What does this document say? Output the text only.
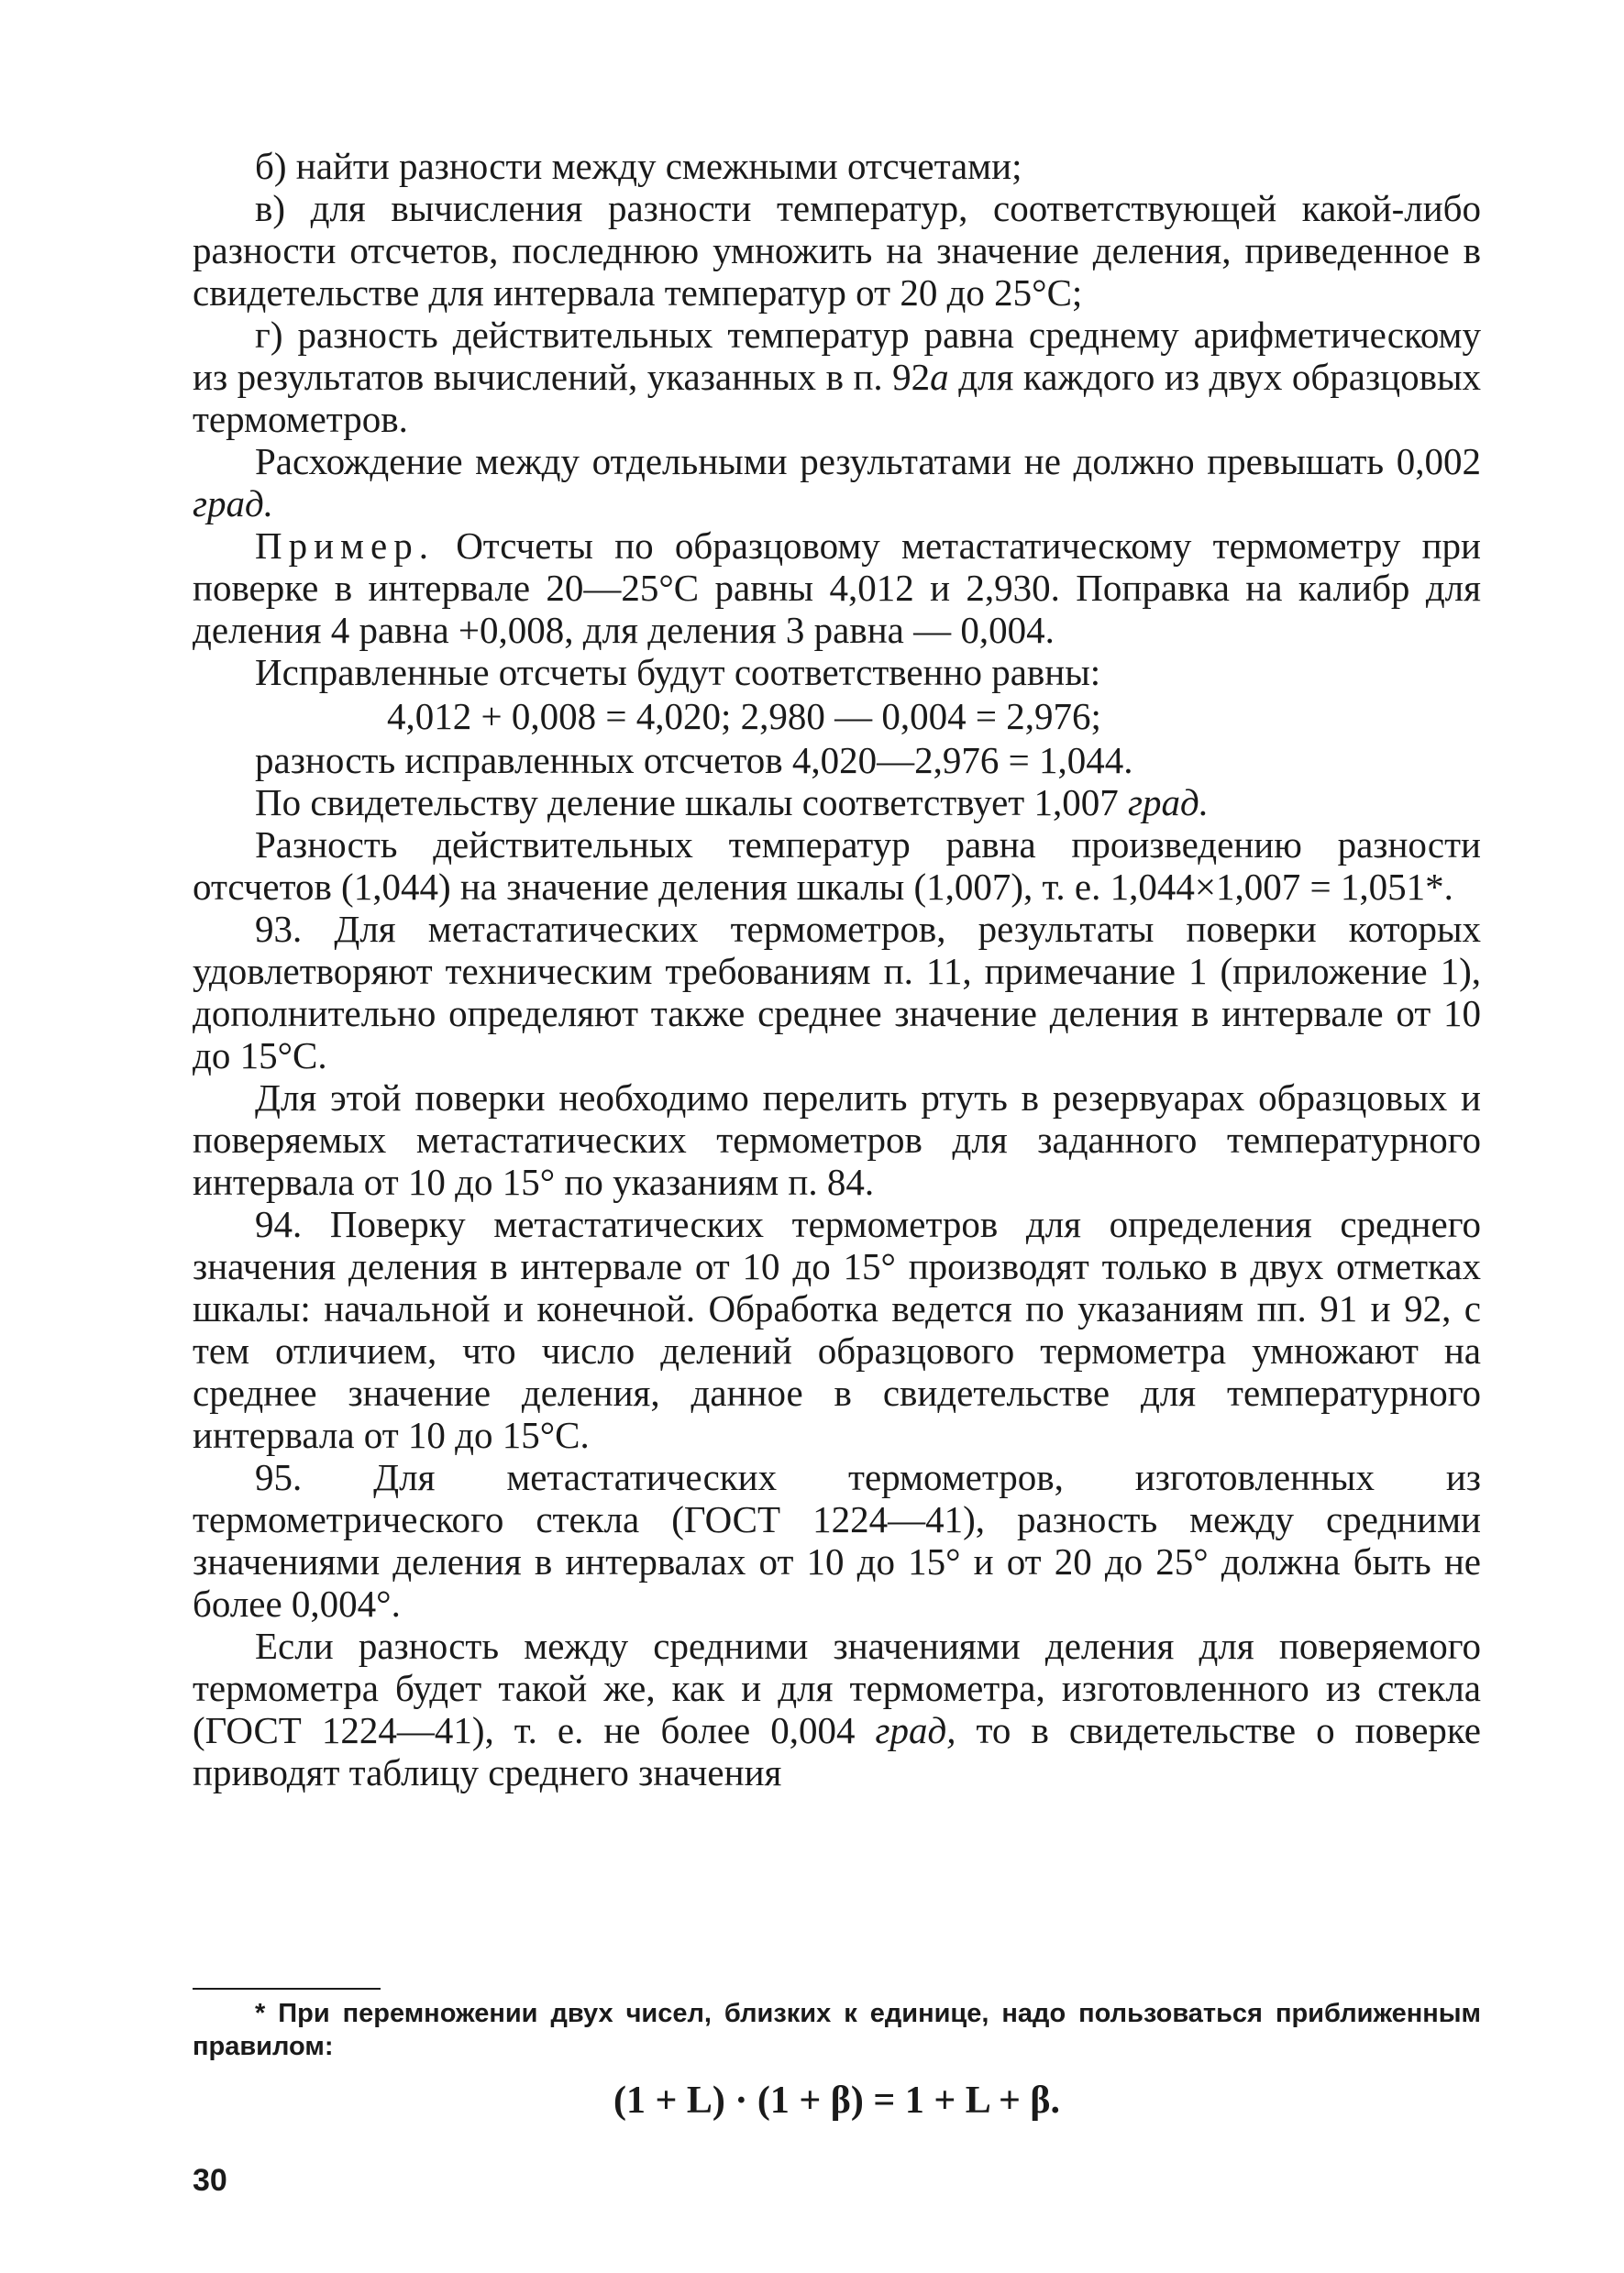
б) найти разности между смежными отсчетами;

в) для вычисления разности температур, соответствующей какой-либо разности отсчетов, последнюю умножить на значение деления, приведенное в свидетельстве для интервала температур от 20 до 25°С;

г) разность действительных температур равна среднему арифметическому из результатов вычислений, указанных в п. 92а для каждого из двух образцовых термометров.

Расхождение между отдельными результатами не должно превышать 0,002 град.

Пример. Отсчеты по образцовому метастатическому термометру при поверке в интервале 20—25°С равны 4,012 и 2,930. Поправка на калибр для деления 4 равна +0,008, для деления 3 равна — 0,004.

Исправленные отсчеты будут соответственно равны:

4,012 + 0,008 = 4,020; 2,980 — 0,004 = 2,976;

разность исправленных отсчетов 4,020—2,976 = 1,044.

По свидетельству деление шкалы соответствует 1,007 град.

Разность действительных температур равна произведению разности отсчетов (1,044) на значение деления шкалы (1,007), т. е. 1,044×1,007 = 1,051*.

93. Для метастатических термометров, результаты поверки которых удовлетворяют техническим требованиям п. 11, примечание 1 (приложение 1), дополнительно определяют также среднее значение деления в интервале от 10 до 15°С.

Для этой поверки необходимо перелить ртуть в резервуарах образцовых и поверяемых метастатических термометров для заданного температурного интервала от 10 до 15° по указаниям п. 84.

94. Поверку метастатических термометров для определения среднего значения деления в интервале от 10 до 15° производят только в двух отметках шкалы: начальной и конечной. Обработка ведется по указаниям пп. 91 и 92, с тем отличием, что число делений образцового термометра умножают на среднее значение деления, данное в свидетельстве для температурного интервала от 10 до 15°С.

95. Для метастатических термометров, изготовленных из термометрического стекла (ГОСТ 1224—41), разность между средними значениями деления в интервалах от 10 до 15° и от 20 до 25° должна быть не более 0,004°.

Если разность между средними значениями деления для поверяемого термометра будет такой же, как и для термометра, изготовленного из стекла (ГОСТ 1224—41), т. е. не более 0,004 град, то в свидетельстве о поверке приводят таблицу среднего значения

* При перемножении двух чисел, близких к единице, надо пользоваться приближенным правилом:
(1 + L) · (1 + β) = 1 + L + β.
30
